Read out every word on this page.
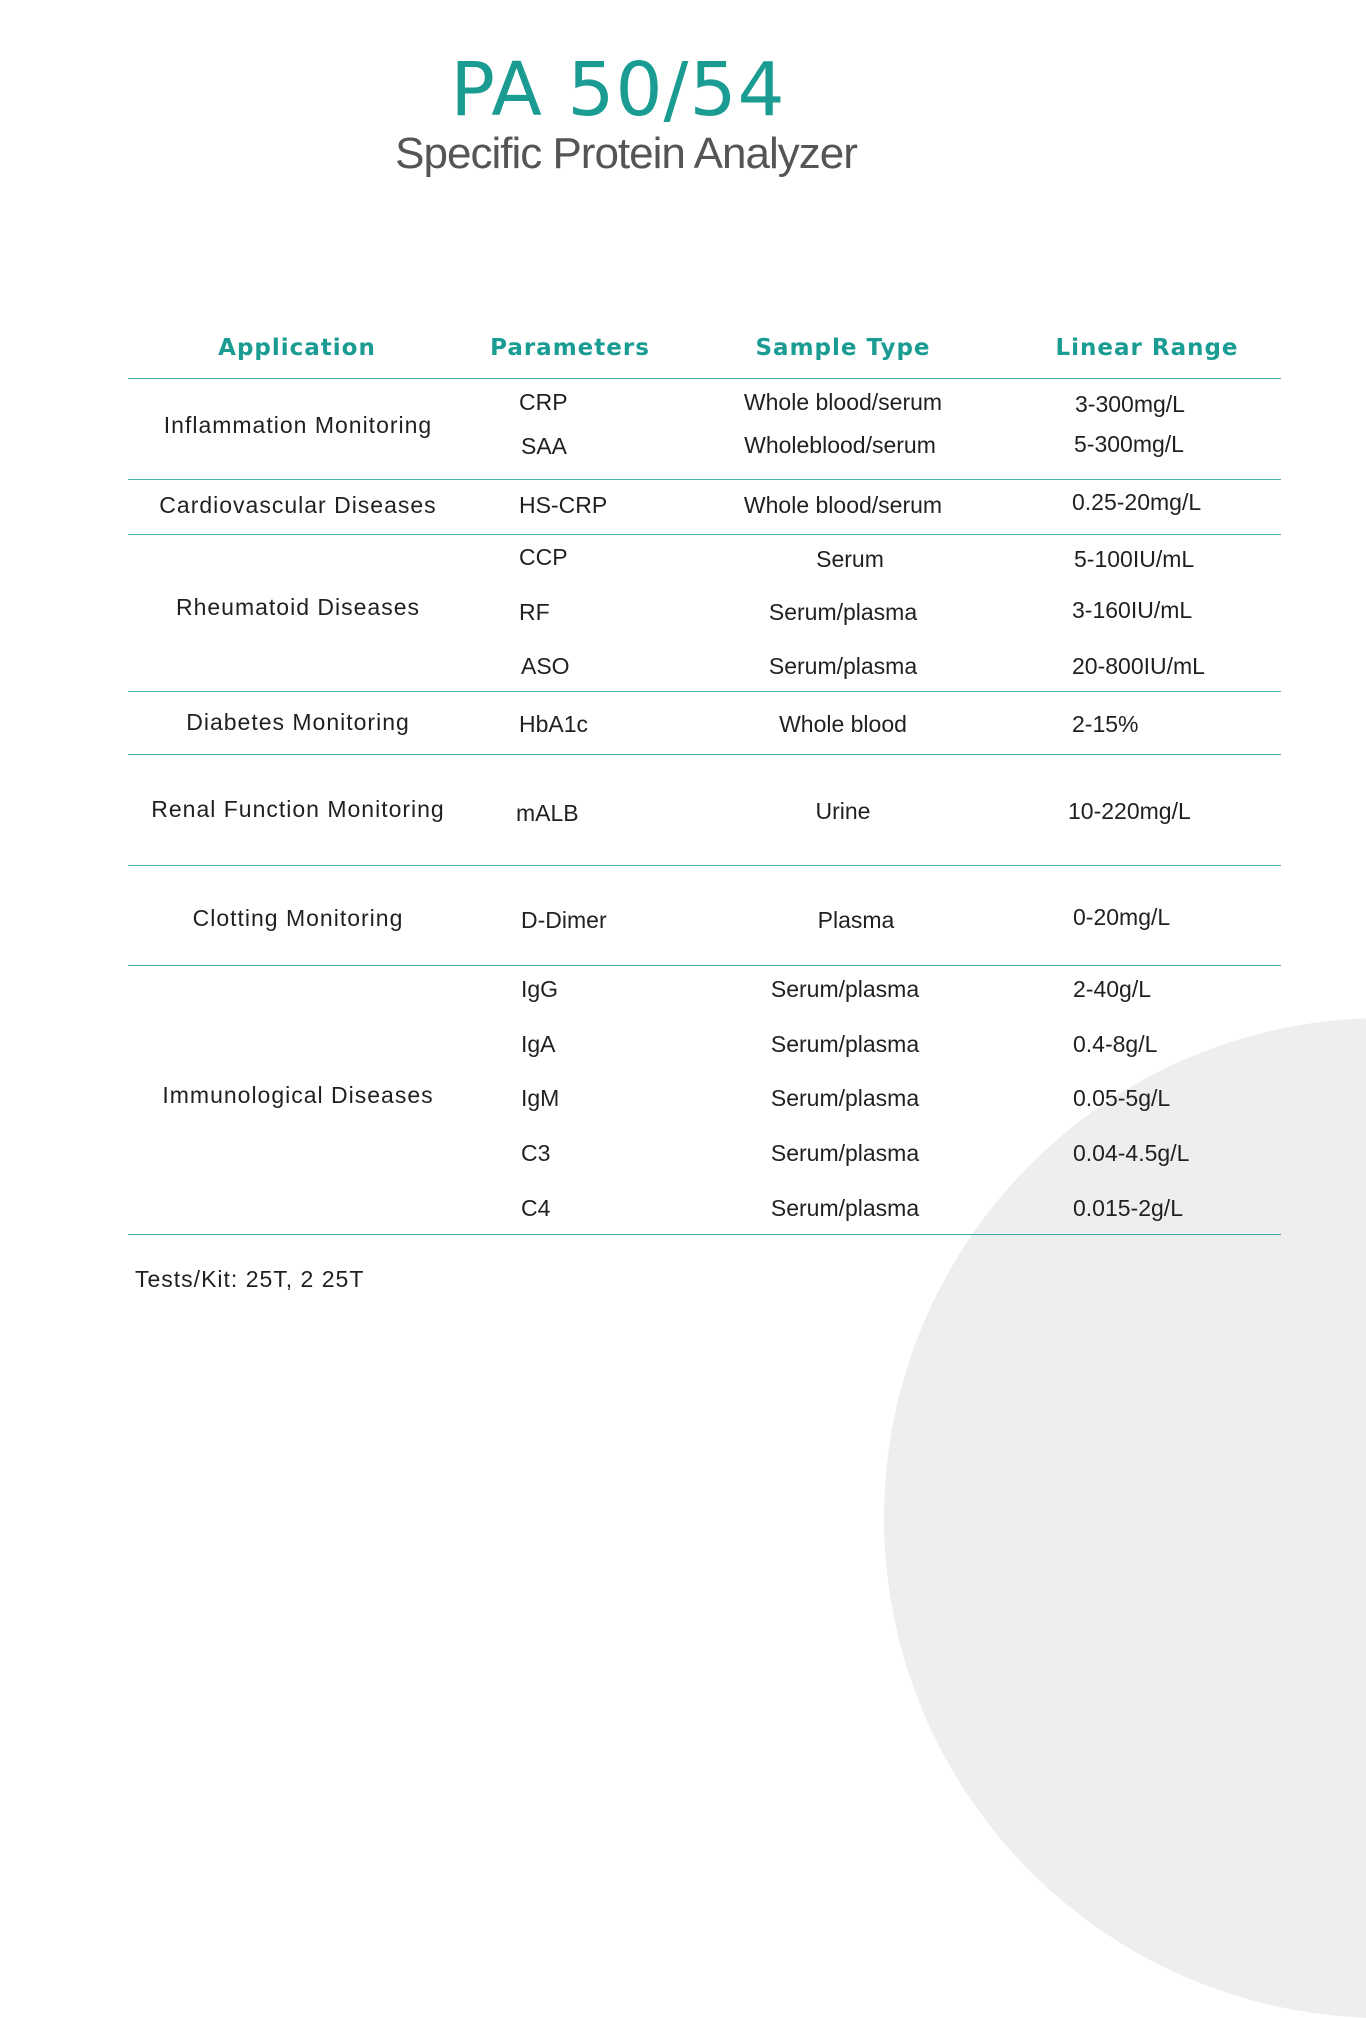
PA 50/54
Specific Protein Analyzer
Application	Parameters	Sample Type	Linear Range
Inflammation Monitoring
CRP	Whole blood/serum	3-300mg/L
SAA	Wholeblood/serum	5-300mg/L
Cardiovascular Diseases	HS-CRP	Whole blood/serum	0.25-20mg/L
Rheumatoid Diseases
CCP	Serum	5-100IU/mL
RF	Serum/plasma	3-160IU/mL
ASO	Serum/plasma	20-800IU/mL
Diabetes Monitoring	HbA1c	Whole blood	2-15%
Renal Function Monitoring	mALB	Urine	10-220mg/L
Clotting Monitoring	D-Dimer	Plasma	0-20mg/L
Immunological Diseases
IgG	Serum/plasma	2-40g/L
IgA	Serum/plasma	0.4-8g/L
IgM	Serum/plasma	0.05-5g/L
C3	Serum/plasma	0.04-4.5g/L
C4	Serum/plasma	0.015-2g/L
Tests/Kit: 25T, 2 25T
